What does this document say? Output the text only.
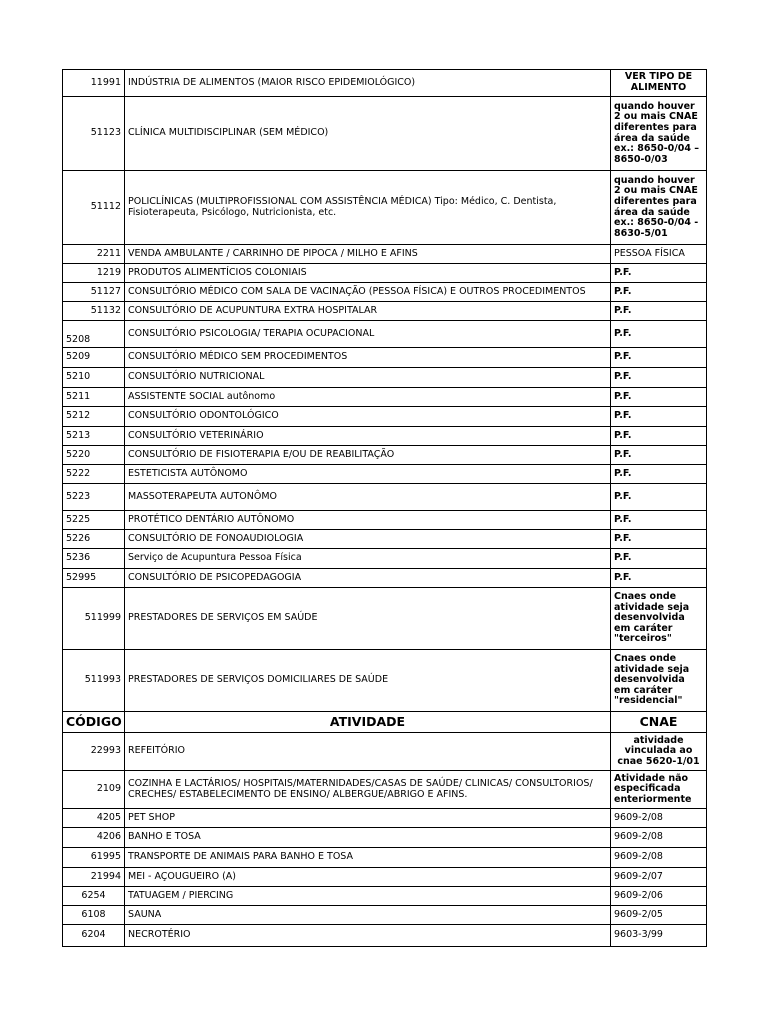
11991	INDÚSTRIA DE ALIMENTOS (MAIOR RISCO EPIDEMIOLÓGICO)	VER TIPO DE ALIMENTO
51123	CLÍNICA MULTIDISCIPLINAR (SEM MÉDICO)	quando houver 2 ou mais CNAE diferentes para área da saúde ex.: 8650-0/04 – 8650-0/03
51112	POLICLÍNICAS (MULTIPROFISSIONAL COM ASSISTÊNCIA MÉDICA) Tipo: Médico, C. Dentista, Fisioterapeuta, Psicólogo, Nutricionista, etc.	quando houver 2 ou mais CNAE diferentes para área da saúde ex.: 8650-0/04 - 8630-5/01
2211	VENDA AMBULANTE / CARRINHO DE PIPOCA / MILHO E AFINS	PESSOA FÍSICA
1219	PRODUTOS ALIMENTÍCIOS COLONIAIS	P.F.
51127	CONSULTÓRIO MÉDICO COM SALA DE VACINAÇÃO (PESSOA FÍSICA) E OUTROS PROCEDIMENTOS	P.F.
51132	CONSULTÓRIO DE ACUPUNTURA EXTRA HOSPITALAR	P.F.
5208	CONSULTÓRIO PSICOLOGIA/ TERAPIA OCUPACIONAL	P.F.
5209	CONSULTÓRIO MÉDICO SEM PROCEDIMENTOS	P.F.
5210	CONSULTÓRIO NUTRICIONAL	P.F.
5211	ASSISTENTE SOCIAL autônomo	P.F.
5212	CONSULTÓRIO ODONTOLÓGICO	P.F.
5213	CONSULTÓRIO VETERINÁRIO	P.F.
5220	CONSULTÓRIO DE FISIOTERAPIA E/OU DE REABILITAÇÃO	P.F.
5222	ESTETICISTA AUTÔNOMO	P.F.
5223	MASSOTERAPEUTA AUTONÔMO	P.F.
5225	PROTÉTICO DENTÁRIO AUTÔNOMO	P.F.
5226	CONSULTÓRIO DE FONOAUDIOLOGIA	P.F.
5236	Serviço de Acupuntura Pessoa Física	P.F.
52995	CONSULTÓRIO DE PSICOPEDAGOGIA	P.F.
511999	PRESTADORES DE SERVIÇOS EM SAÚDE	Cnaes onde atividade seja desenvolvida em caráter "terceiros"
511993	PRESTADORES DE SERVIÇOS DOMICILIARES DE SAÚDE	Cnaes onde atividade seja desenvolvida em caráter "residencial"
CÓDIGO	ATIVIDADE	CNAE
22993	REFEITÓRIO	atividade vinculada ao cnae 5620-1/01
2109	COZINHA E LACTÁRIOS/ HOSPITAIS/MATERNIDADES/CASAS DE SAÚDE/ CLINICAS/ CONSULTORIOS/ CRECHES/ ESTABELECIMENTO DE ENSINO/ ALBERGUE/ABRIGO E AFINS.	Atividade não especificada enteriormente
4205	PET SHOP	9609-2/08
4206	BANHO E TOSA	9609-2/08
61995	TRANSPORTE DE ANIMAIS PARA BANHO E TOSA	9609-2/08
21994	MEI - AÇOUGUEIRO (A)	9609-2/07
6254	TATUAGEM / PIERCING	9609-2/06
6108	SAUNA	9609-2/05
6204	NECROTÉRIO	9603-3/99
